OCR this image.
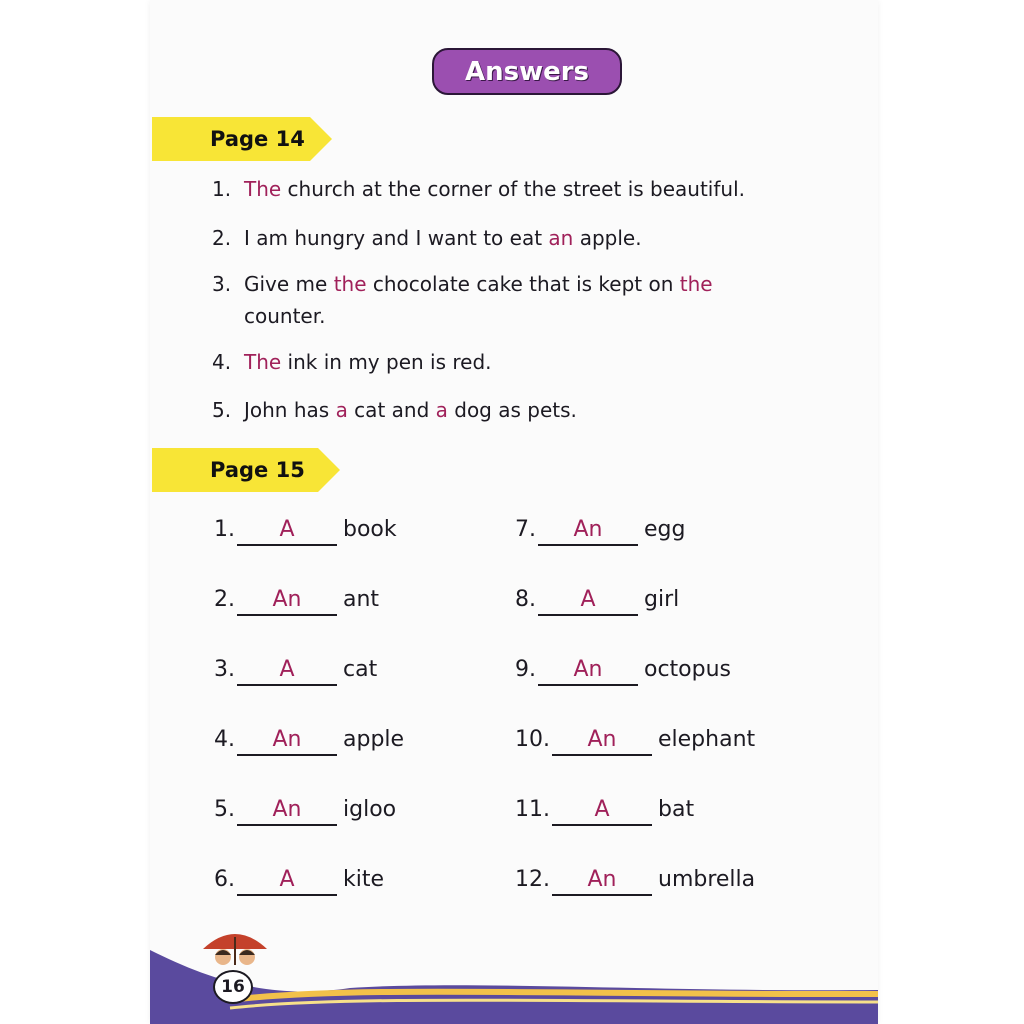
Answers
Page 14
1. The church at the corner of the street is beautiful.
2. I am hungry and I want to eat an apple.
3. Give me the chocolate cake that is kept on the
counter.
4. The ink in my pen is red.
5. John has a cat and a dog as pets.
Page 15
1. A book
2. An ant
3. A cat
4. An apple
5. An igloo
6. A kite
7. An egg
8. A girl
9. An octopus
10. An elephant
11. A bat
12. An umbrella
16
